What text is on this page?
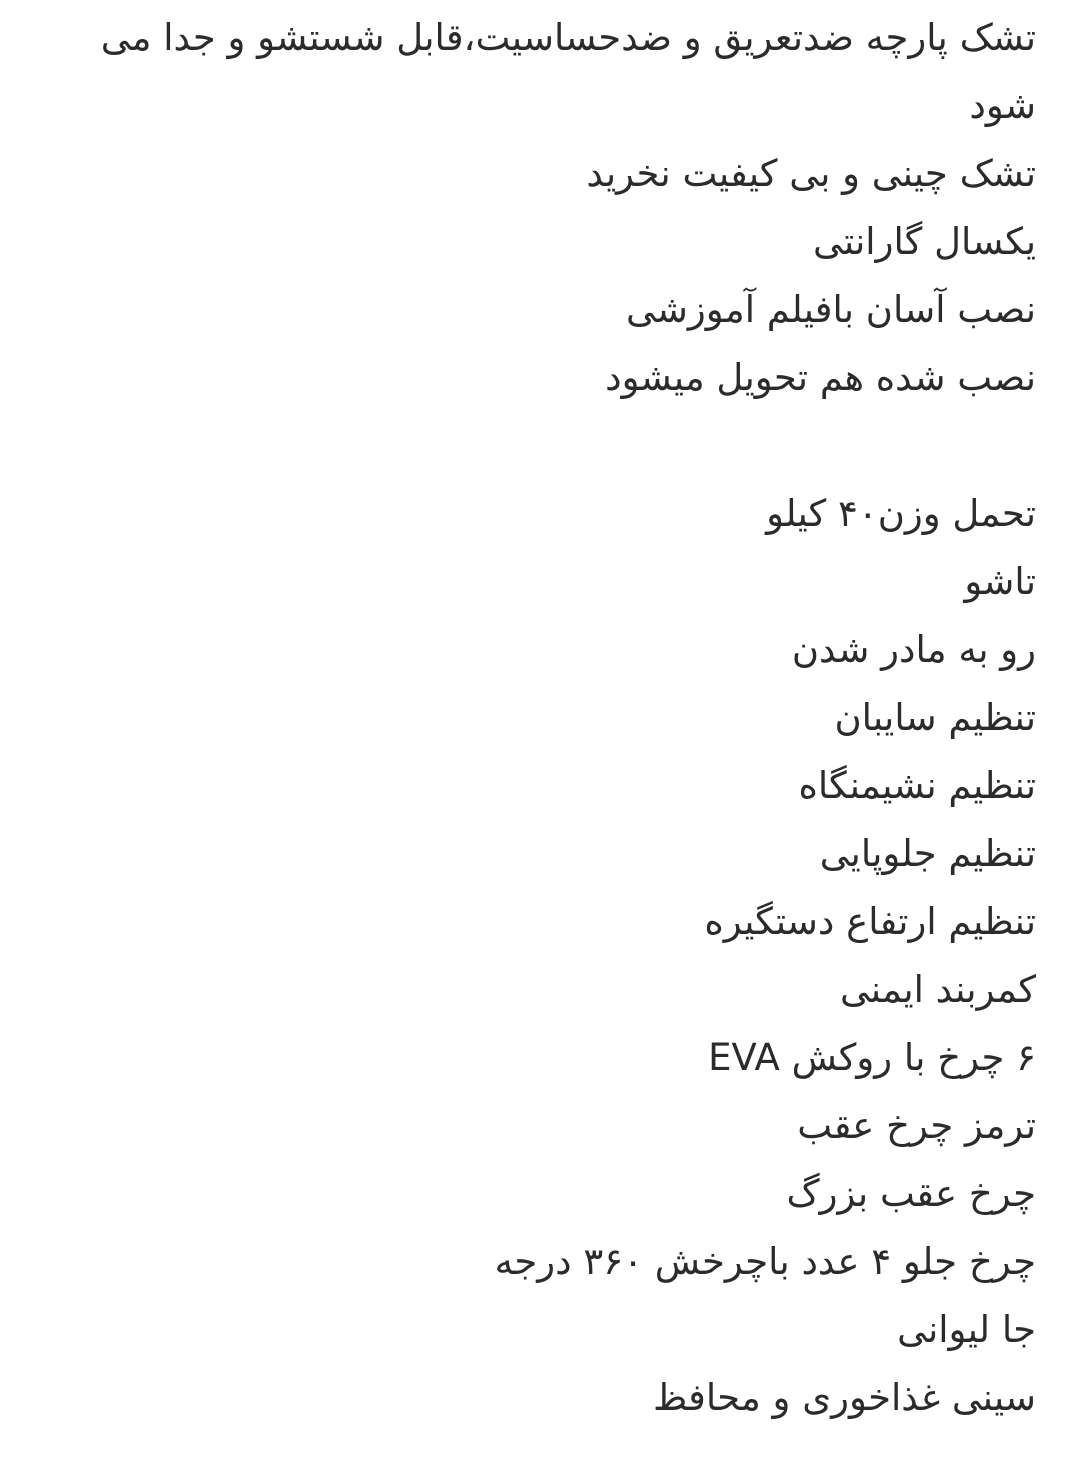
تشک پارچه ضدتعریق و ضدحساسیت،قابل شستشو و جدا می شود
تشک چینی و بی کیفیت نخرید
یکسال گارانتی
نصب آسان بافیلم آموزشی
نصب شده هم تحویل میشود
تحمل وزن۴۰ کیلو
تاشو
رو به مادر شدن
تنظیم سایبان
تنظیم نشیمنگاه
تنظیم جلوپایی
تنظیم ارتفاع دستگیره
کمربند ایمنی
۶ چرخ با روکش EVA
ترمز چرخ عقب
چرخ عقب بزرگ
چرخ جلو ۴ عدد باچرخش ۳۶۰ درجه
جا لیوانی
سینی غذاخوری و محافظ
